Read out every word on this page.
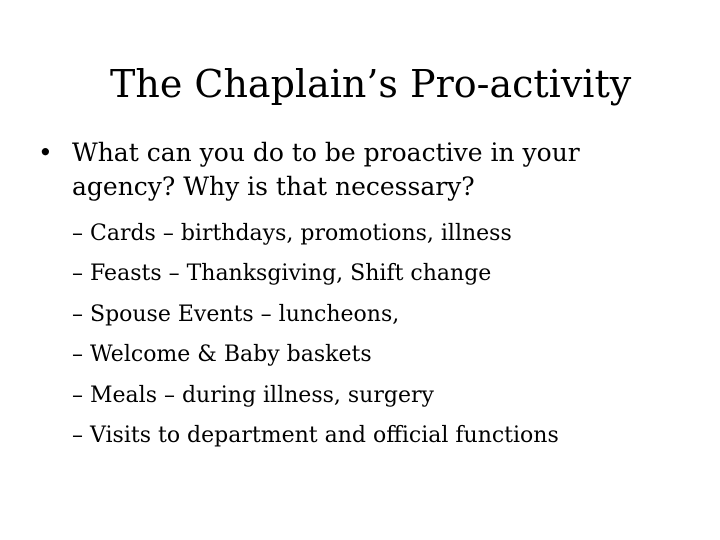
The Chaplain’s Pro-activity
• What can you do to be proactive in your agency? Why is that necessary?
– Cards – birthdays, promotions, illness
– Feasts – Thanksgiving, Shift change
– Spouse Events – luncheons,
– Welcome & Baby baskets
– Meals – during illness, surgery
– Visits to department and official functions
